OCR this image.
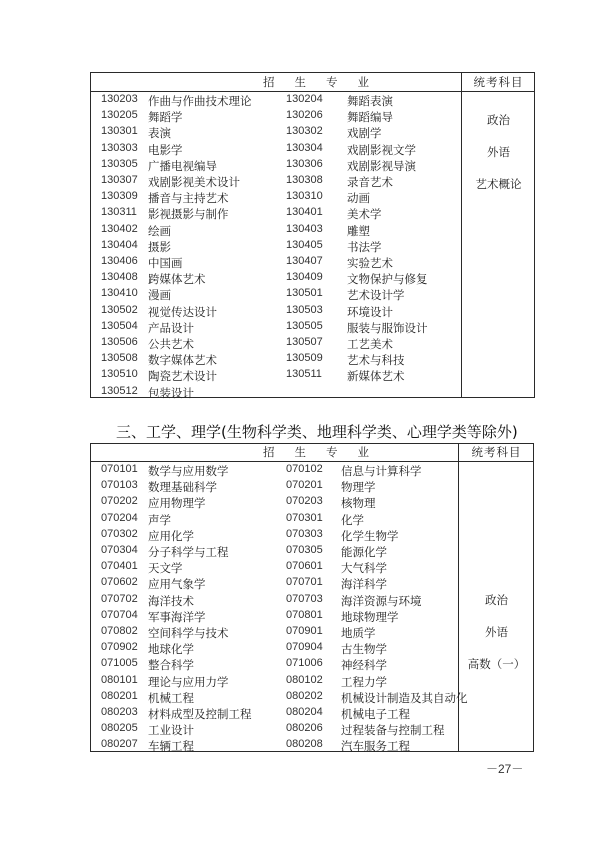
招生专业	统考科目
130203 作曲与作曲技术理论	130204 舞蹈表演
130205 舞蹈学	130206 舞蹈编导
130301 表演	130302 戏剧学
130303 电影学	130304 戏剧影视文学
130305 广播电视编导	130306 戏剧影视导演
130307 戏剧影视美术设计	130308 录音艺术
130309 播音与主持艺术	130310 动画
130311 影视摄影与制作	130401 美术学
130402 绘画	130403 雕塑
130404 摄影	130405 书法学
130406 中国画	130407 实验艺术
130408 跨媒体艺术	130409 文物保护与修复
130410 漫画	130501 艺术设计学
130502 视觉传达设计	130503 环境设计
130504 产品设计	130505 服装与服饰设计
130506 公共艺术	130507 工艺美术
130508 数字媒体艺术	130509 艺术与科技
130510 陶瓷艺术设计	130511 新媒体艺术
130512 包装设计
政治
外语
艺术概论
三、工学、理学(生物科学类、地理科学类、心理学类等除外)
招生专业	统考科目
070101 数学与应用数学	070102 信息与计算科学
070103 数理基础科学	070201 物理学
070202 应用物理学	070203 核物理
070204 声学	070301 化学
070302 应用化学	070303 化学生物学
070304 分子科学与工程	070305 能源化学
070401 天文学	070601 大气科学
070602 应用气象学	070701 海洋科学
070702 海洋技术	070703 海洋资源与环境
070704 军事海洋学	070801 地球物理学
070802 空间科学与技术	070901 地质学
070902 地球化学	070904 古生物学
071005 整合科学	071006 神经科学
080101 理论与应用力学	080102 工程力学
080201 机械工程	080202 机械设计制造及其自动化
080203 材料成型及控制工程	080204 机械电子工程
080205 工业设计	080206 过程装备与控制工程
080207 车辆工程	080208 汽车服务工程
政治
外语
高数（一）
－27－
